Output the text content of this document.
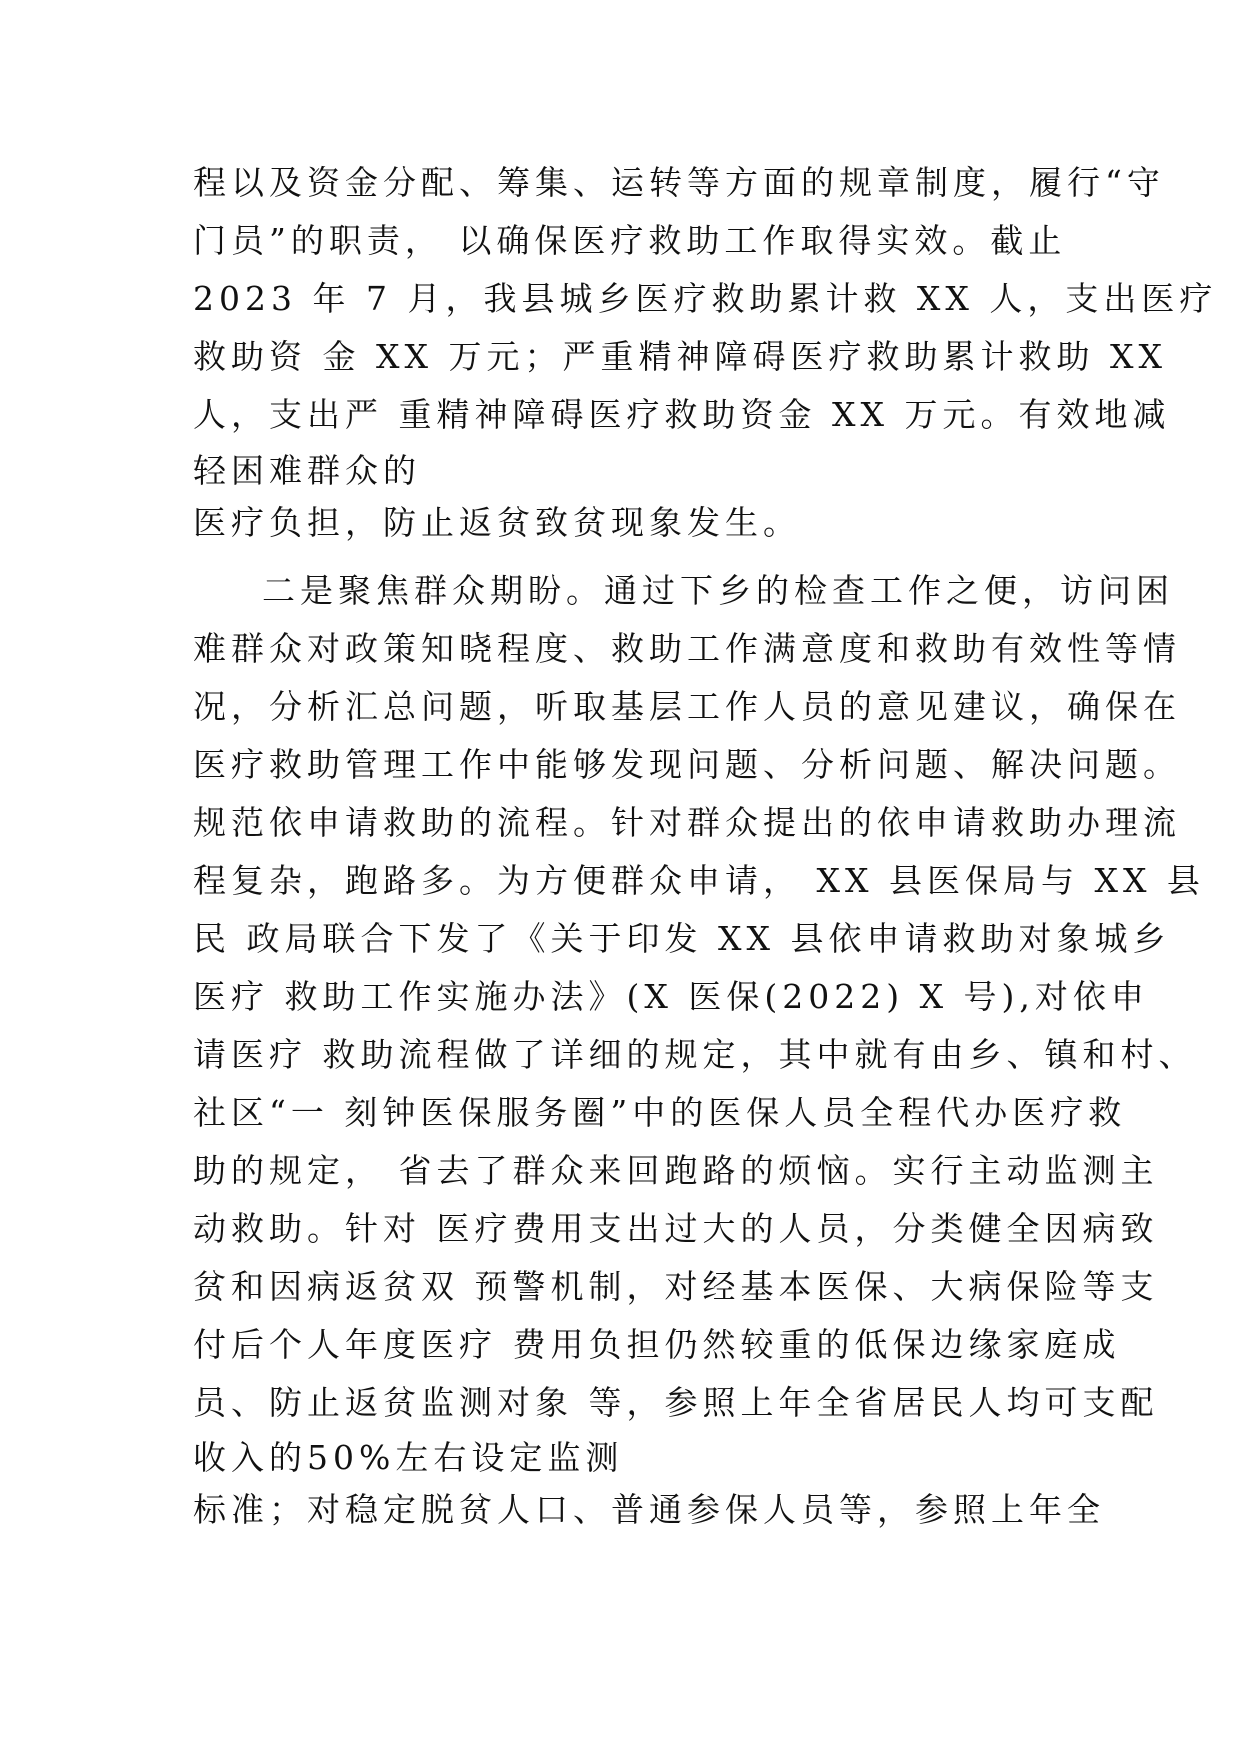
程以及资金分配、筹集、运转等方面的规章制度，履行“守
门员”的职责， 以确保医疗救助工作取得实效。截止
2023 年 7 月，我县城乡医疗救助累计救 XX 人，支出医疗
救助资 金 XX 万元；严重精神障碍医疗救助累计救助 XX
人，支出严 重精神障碍医疗救助资金 XX 万元。有效地减
轻困难群众的
医疗负担，防止返贫致贫现象发生。
二是聚焦群众期盼。通过下乡的检查工作之便，访问困
难群众对政策知晓程度、救助工作满意度和救助有效性等情
况，分析汇总问题，听取基层工作人员的意见建议，确保在
医疗救助管理工作中能够发现问题、分析问题、解决问题。
规范依申请救助的流程。针对群众提出的依申请救助办理流
程复杂，跑路多。为方便群众申请， XX 县医保局与 XX 县
民 政局联合下发了《关于印发 XX 县依申请救助对象城乡
医疗 救助工作实施办法》(X 医保(2022) X 号),对依申
请医疗 救助流程做了详细的规定，其中就有由乡、镇和村、
社区“一 刻钟医保服务圈”中的医保人员全程代办医疗救
助的规定， 省去了群众来回跑路的烦恼。实行主动监测主
动救助。针对 医疗费用支出过大的人员，分类健全因病致
贫和因病返贫双 预警机制，对经基本医保、大病保险等支
付后个人年度医疗 费用负担仍然较重的低保边缘家庭成
员、防止返贫监测对象 等，参照上年全省居民人均可支配
收入的50%左右设定监测
标准；对稳定脱贫人口、普通参保人员等，参照上年全
